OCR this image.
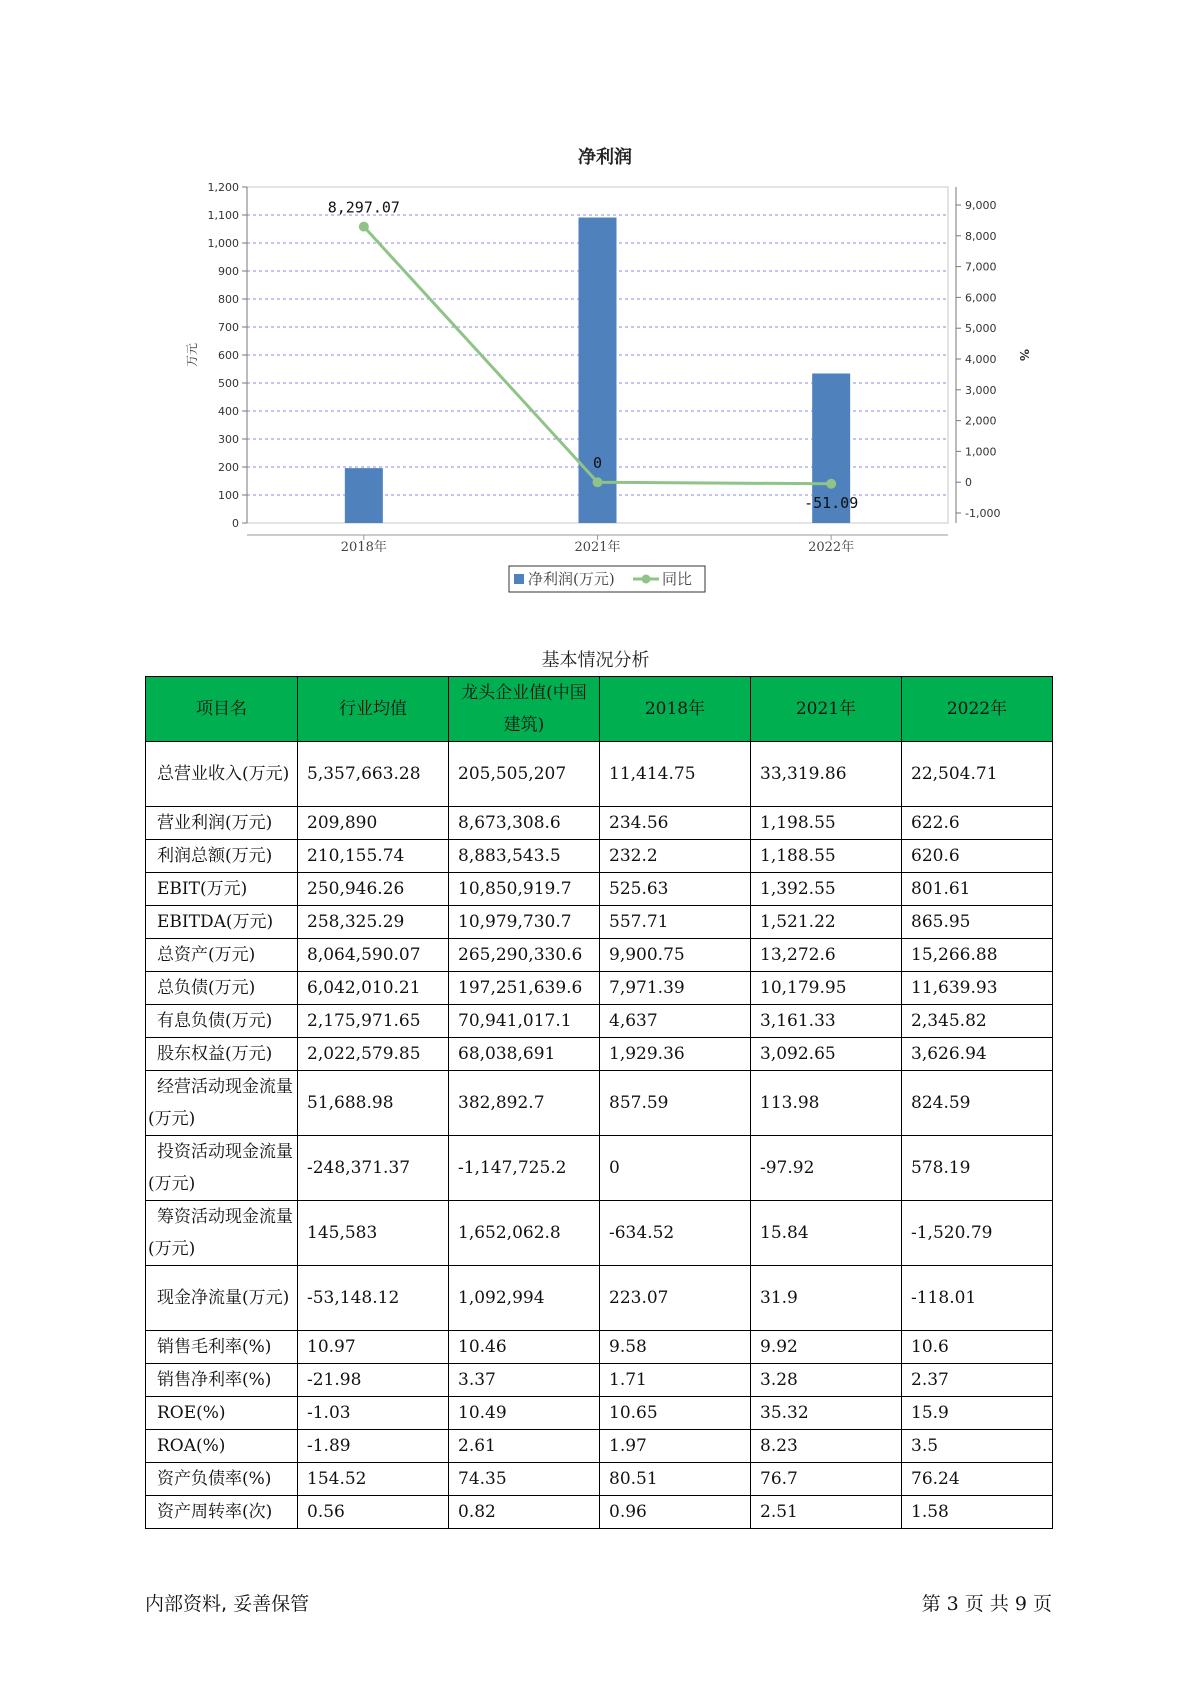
净利润
0
100
200
300
400
500
600
700
800
900
1,000
1,100
1,200
万元
-1,000
0
1,000
2,000
3,000
4,000
5,000
6,000
7,000
8,000
9,000
%
2018年	2021年	2022年
8,297.07
0
-51.09
净利润(万元)	同比
基本情况分析
项目名	行业均值	龙头企业值(中国建筑)	2018年	2021年	2022年
总营业收入(万元)	5,357,663.28	205,505,207	11,414.75	33,319.86	22,504.71
营业利润(万元)	209,890	8,673,308.6	234.56	1,198.55	622.6
利润总额(万元)	210,155.74	8,883,543.5	232.2	1,188.55	620.6
EBIT(万元)	250,946.26	10,850,919.7	525.63	1,392.55	801.61
EBITDA(万元)	258,325.29	10,979,730.7	557.71	1,521.22	865.95
总资产(万元)	8,064,590.07	265,290,330.6	9,900.75	13,272.6	15,266.88
总负债(万元)	6,042,010.21	197,251,639.6	7,971.39	10,179.95	11,639.93
有息负债(万元)	2,175,971.65	70,941,017.1	4,637	3,161.33	2,345.82
股东权益(万元)	2,022,579.85	68,038,691	1,929.36	3,092.65	3,626.94
经营活动现金流量(万元)	51,688.98	382,892.7	857.59	113.98	824.59
投资活动现金流量(万元)	-248,371.37	-1,147,725.2	0	-97.92	578.19
筹资活动现金流量(万元)	145,583	1,652,062.8	-634.52	15.84	-1,520.79
现金净流量(万元)	-53,148.12	1,092,994	223.07	31.9	-118.01
销售毛利率(%)	10.97	10.46	9.58	9.92	10.6
销售净利率(%)	-21.98	3.37	1.71	3.28	2.37
ROE(%)	-1.03	10.49	10.65	35.32	15.9
ROA(%)	-1.89	2.61	1.97	8.23	3.5
资产负债率(%)	154.52	74.35	80.51	76.7	76.24
资产周转率(次)	0.56	0.82	0.96	2.51	1.58
内部资料, 妥善保管	第 3 页 共 9 页
